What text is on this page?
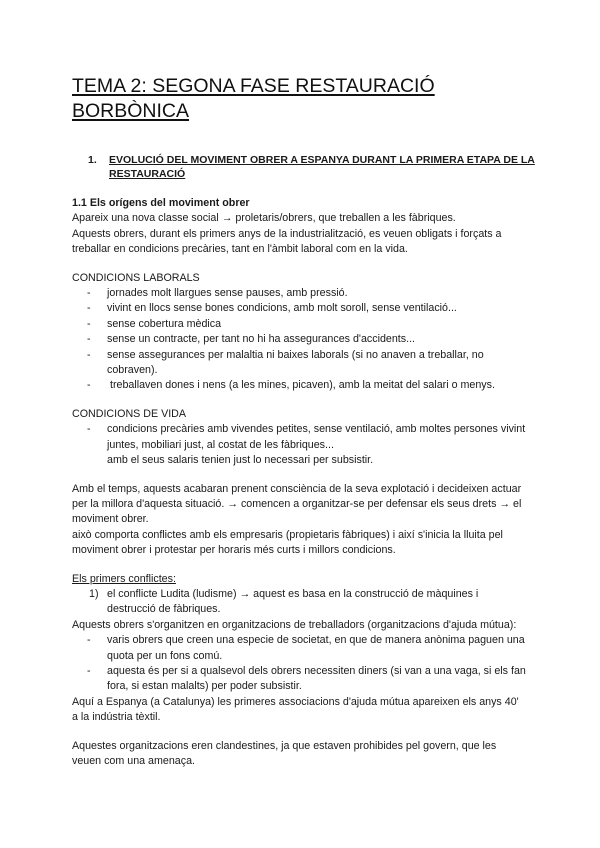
TEMA 2: SEGONA FASE RESTAURACIÓ BORBÒNICA
1. EVOLUCIÓ DEL MOVIMENT OBRER A ESPANYA DURANT LA PRIMERA ETAPA DE LA RESTAURACIÓ

1.1 Els orígens del moviment obrer

Apareix una nova classe social → proletaris/obrers, que treballen a les fàbriques.

Aquests obrers, durant els primers anys de la industrialització, es veuen obligats i forçats a treballar en condicions precàries, tant en l'àmbit laboral com en la vida.

CONDICIONS LABORALS

- jornades molt llargues sense pauses, amb pressió.
- vivint en llocs sense bones condicions, amb molt soroll, sense ventilació...
- sense cobertura mèdica
- sense un contracte, per tant no hi ha assegurances d'accidents...
- sense assegurances per malaltia ni baixes laborals (si no anaven a treballar, no cobraven).
- treballaven dones i nens (a les mines, picaven), amb la meitat del salari o menys.

CONDICIONS DE VIDA

- condicions precàries amb vivendes petites, sense ventilació, amb moltes persones vivint juntes, mobiliari just, al costat de les fàbriques...
amb el seus salaris tenien just lo necessari per subsistir.

Amb el temps, aquests acabaran prenent consciència de la seva explotació i decideixen actuar per la millora d'aquesta situació. → comencen a organitzar-se per defensar els seus drets → el moviment obrer.

això comporta conflictes amb els empresaris (propietaris fàbriques) i així s'inicia la lluita pel moviment obrer i protestar per horaris més curts i millors condicions.

Els primers conflictes:

1) el conflicte Ludita (ludisme) → aquest es basa en la construcció de màquines i destrucció de fàbriques.

Aquests obrers s'organitzen en organitzacions de treballadors (organitzacions d'ajuda mútua):

- varis obrers que creen una especie de societat, en que de manera anònima paguen una quota per un fons comú.
- aquesta és per si a qualsevol dels obrers necessiten diners (si van a una vaga, si els fan fora, si estan malalts) per poder subsistir.

Aquí a Espanya (a Catalunya) les primeres associacions d'ajuda mútua apareixen els anys 40' a la indústria tèxtil.

Aquestes organitzacions eren clandestines, ja que estaven prohibides pel govern, que les veuen com una amenaça.
